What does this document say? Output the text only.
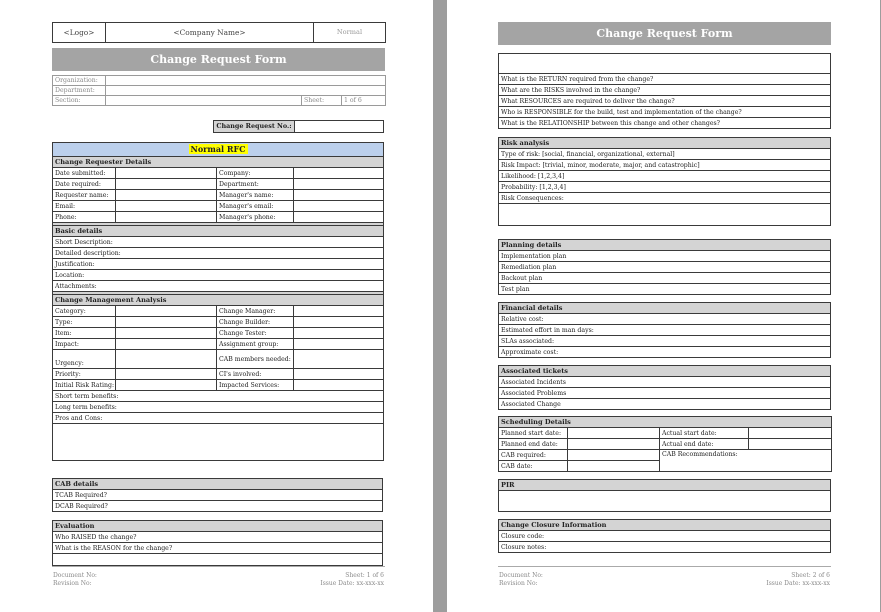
<Logo>	<Company Name>	Normal
Change Request Form
Organization:			
Department:			
Section:		Sheet:	1 of 6
Change Request No.:	
Normal RFC			
Change Requester Details			
Date submitted:		Company:	
Date required:		Department:	
Requester name:		Manager's name:	
Email:		Manager's email:	
Phone:		Manager's phone:	

Basic details			
Short Description:			
Detailed description:			
Justification:			
Location:			
Attachments:			

Change Management Analysis			
Category:		Change Manager:	
Type:		Change Builder:	
Item:		Change Tester:	
Impact:		Assignment group:	
Urgency:		CAB members needed:	
Priority:		CI's involved:	
Initial Risk Rating:		Impacted Services:	
Short term benefits:			
Long term benefits:			
Pros and Cons:			

CAB details
TCAB Required?
DCAB Required?
Evaluation
Who RAISED the change?
What is the REASON for the change?

Document No:
Revision No:
Sheet: 1 of 6
Issue Date: xx-xxx-xx
Change Request Form

What is the RETURN required from the change?
What are the RISKS involved in the change?
What RESOURCES are required to deliver the change?
Who is RESPONSIBLE for the build, test and implementation of the change?
What is the RELATIONSHIP between this change and other changes?
Risk analysis
Type of risk: [social, financial, organizational, external]
Risk Impact: [trivial, minor, moderate, major, and catastrophic]
Likelihood: [1,2,3,4]
Probability: [1,2,3,4]
Risk Consequences:

Planning details
Implementation plan
Remediation plan
Backout plan
Test plan
Financial details
Relative cost:
Estimated effort in man days:
SLAs associated:
Approximate cost:
Associated tickets
Associated Incidents
Associated Problems
Associated Change
Scheduling Details			
Planned start date:		Actual start date:	
Planned end date:		Actual end date:	
CAB required:		CAB Recommendations:	
CAB date:			
PIR

Change Closure Information
Closure code:
Closure notes:
Document No:
Revision No:
Sheet: 2 of 6
Issue Date: xx-xxx-xx
